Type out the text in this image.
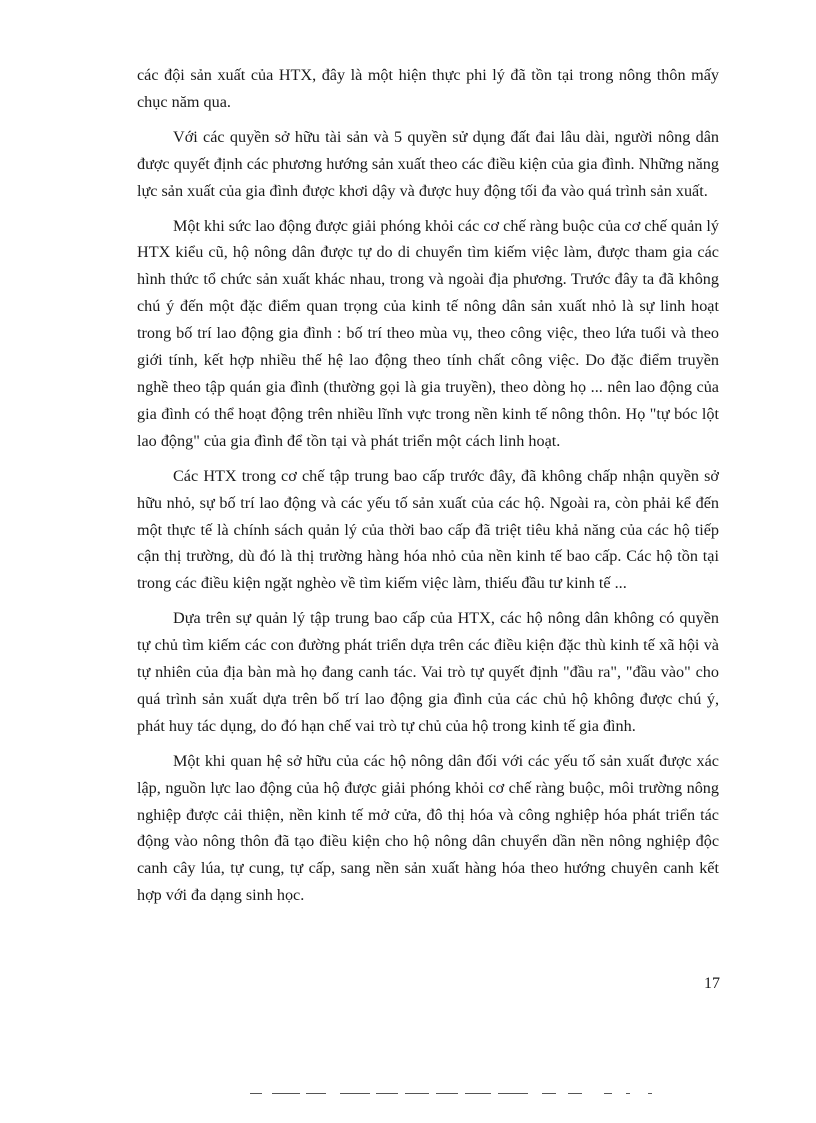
các đội sản xuất của HTX, đây là một hiện thực phi lý đã tồn tại trong nông thôn mấy chục năm qua.

Với các quyền sở hữu tài sản và 5 quyền sử dụng đất đai lâu dài, người nông dân được quyết định các phương hướng sản xuất theo các điều kiện của gia đình. Những năng lực sản xuất của gia đình được khơi dậy và được huy động tối đa vào quá trình sản xuất.

Một khi sức lao động được giải phóng khỏi các cơ chế ràng buộc của cơ chế quản lý HTX kiểu cũ, hộ nông dân được tự do di chuyển tìm kiếm việc làm, được tham gia các hình thức tổ chức sản xuất khác nhau, trong và ngoài địa phương. Trước đây ta đã không chú ý đến một đặc điểm quan trọng của kinh tế nông dân sản xuất nhỏ là sự linh hoạt trong bố trí lao động gia đình : bố trí theo mùa vụ, theo công việc, theo lứa tuổi và theo giới tính, kết hợp nhiều thế hệ lao động theo tính chất công việc. Do đặc điểm truyền nghề theo tập quán gia đình (thường gọi là gia truyền), theo dòng họ ... nên lao động của gia đình có thể hoạt động trên nhiều lĩnh vực trong nền kinh tế nông thôn. Họ "tự bóc lột lao động" của gia đình để tồn tại và phát triển một cách linh hoạt.

Các HTX trong cơ chế tập trung bao cấp trước đây, đã không chấp nhận quyền sở hữu nhỏ, sự bố trí lao động và các yếu tố sản xuất của các hộ. Ngoài ra, còn phải kể đến một thực tế là chính sách quản lý của thời bao cấp đã triệt tiêu khả năng của các hộ tiếp cận thị trường, dù đó là thị trường hàng hóa nhỏ của nền kinh tế bao cấp. Các hộ tồn tại trong các điều kiện ngặt nghèo về tìm kiếm việc làm, thiếu đầu tư kinh tế ...

Dựa trên sự quản lý tập trung bao cấp của HTX, các hộ nông dân không có quyền tự chủ tìm kiếm các con đường phát triển dựa trên các điều kiện đặc thù kinh tế xã hội và tự nhiên của địa bàn mà họ đang canh tác. Vai trò tự quyết định "đầu ra", "đầu vào" cho quá trình sản xuất dựa trên bố trí lao động gia đình của các chủ hộ không được chú ý, phát huy tác dụng, do đó hạn chế vai trò tự chủ của hộ trong kinh tế gia đình.

Một khi quan hệ sở hữu của các hộ nông dân đối với các yếu tố sản xuất được xác lập, nguồn lực lao động của hộ được giải phóng khỏi cơ chế ràng buộc, môi trường nông nghiệp được cải thiện, nền kinh tế mở cửa, đô thị hóa và công nghiệp hóa phát triển tác động vào nông thôn đã tạo điều kiện cho hộ nông dân chuyển dần nền nông nghiệp độc canh cây lúa, tự cung, tự cấp, sang nền sản xuất hàng hóa theo hướng chuyên canh kết hợp với đa dạng sinh học.

17
